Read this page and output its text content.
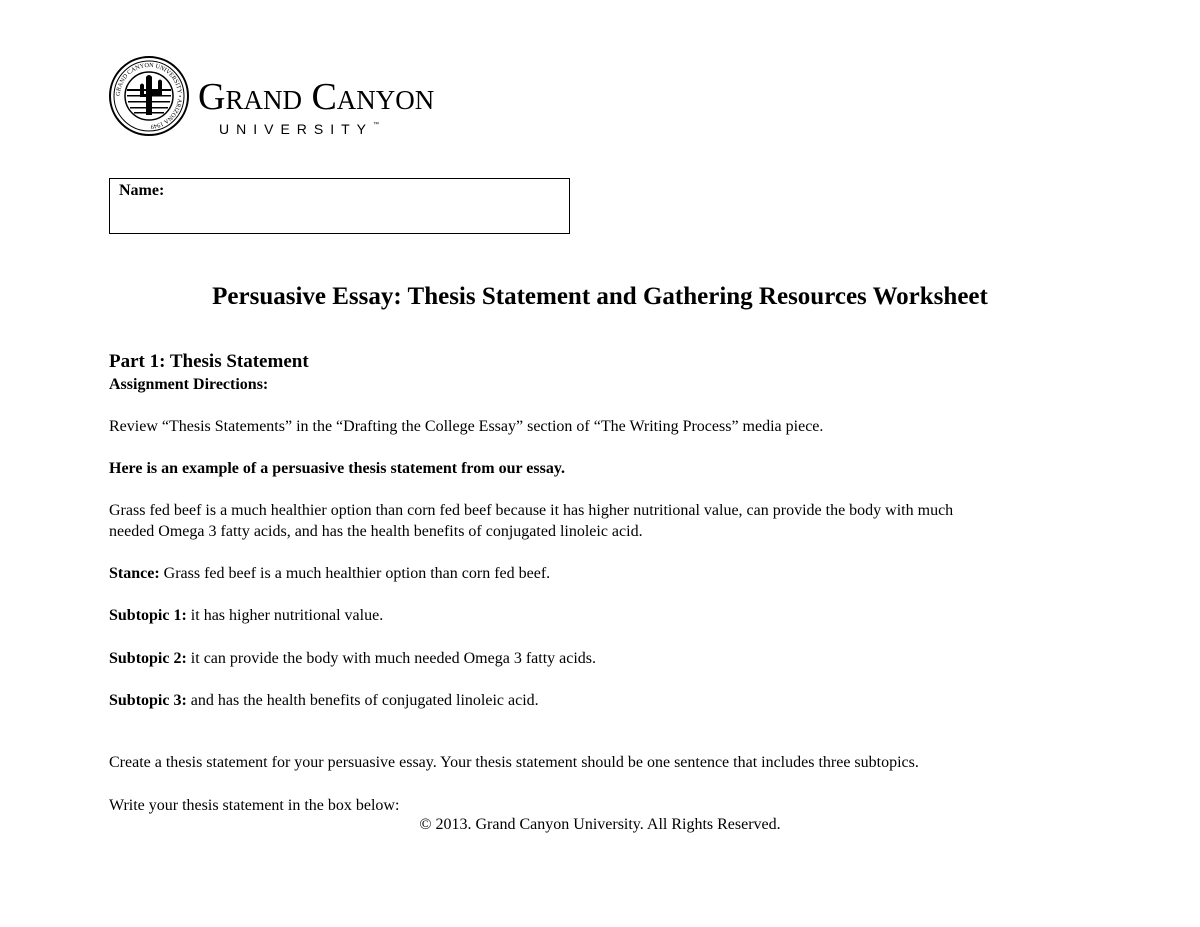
GRAND CANYON UNIVERSITY • ARIZONA 1949
Grand Canyon
UNIVERSITY™
Name:
Persuasive Essay: Thesis Statement and Gathering Resources Worksheet
Part 1: Thesis Statement
Assignment Directions:
Review “Thesis Statements” in the “Drafting the College Essay” section of “The Writing Process” media piece.
Here is an example of a persuasive thesis statement from our essay.
Grass fed beef is a much healthier option than corn fed beef because it has higher nutritional value, can provide the body with much
needed Omega 3 fatty acids, and has the health benefits of conjugated linoleic acid.
Stance: Grass fed beef is a much healthier option than corn fed beef.
Subtopic 1: it has higher nutritional value.
Subtopic 2: it can provide the body with much needed Omega 3 fatty acids.
Subtopic 3: and has the health benefits of conjugated linoleic acid.
Create a thesis statement for your persuasive essay. Your thesis statement should be one sentence that includes three subtopics.
Write your thesis statement in the box below:
© 2013. Grand Canyon University. All Rights Reserved.
